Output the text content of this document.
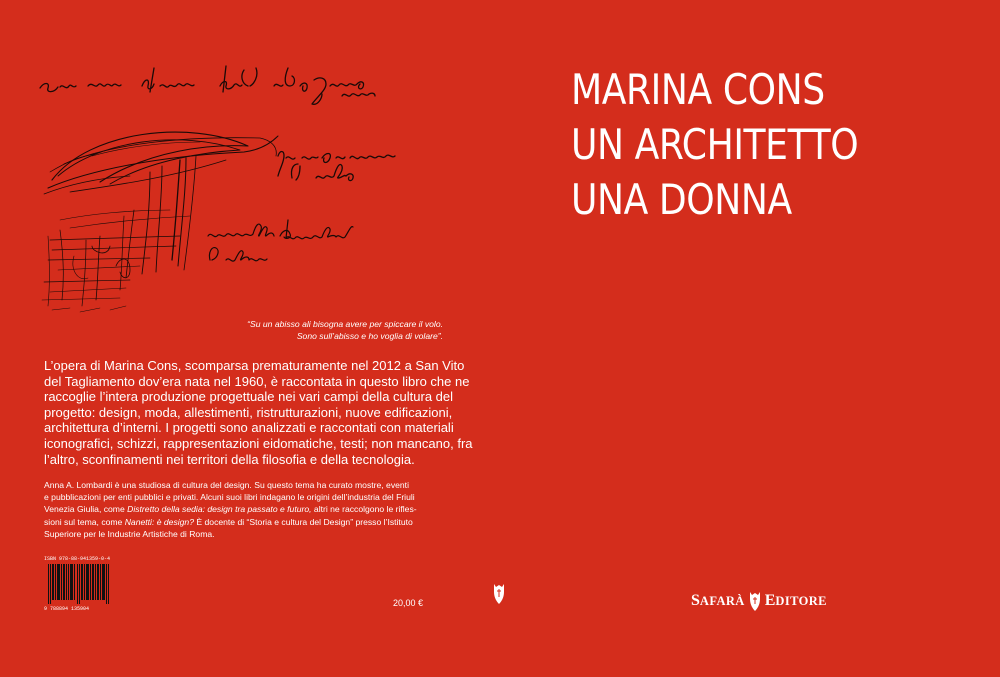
“Su un abisso ali bisogna avere per spiccare il volo.
Sono sull’abisso e ho voglia di volare”.
L’opera di Marina Cons, scomparsa prematuramente nel 2012 a San Vito
del Tagliamento dov’era nata nel 1960, è raccontata in questo libro che ne
raccoglie l’intera produzione progettuale nei vari campi della cultura del
progetto: design, moda, allestimenti, ristrutturazioni, nuove edificazioni,
architettura d’interni. I progetti sono analizzati e raccontati con materiali
iconografici, schizzi, rappresentazioni eidomatiche, testi; non mancano, fra
l’altro, sconfinamenti nei territori della filosofia e della tecnologia.
Anna A. Lombardi è una studiosa di cultura del design. Su questo tema ha curato mostre, eventi
e pubblicazioni per enti pubblici e privati. Alcuni suoi libri indagano le origini dell’industria del Friuli
Venezia Giulia, come Distretto della sedia: design tra passato e futuro, altri ne raccolgono le rifles-
sioni sul tema, come Nanetti: è design? È docente di “Storia e cultura del Design” presso l’Istituto
Superiore per le Industrie Artistiche di Roma.
ISBN 978-88-941359-0-4
9 788894 135904
20,00 €
MARINA CONS
UN ARCHITETTO
UNA DONNA
S AFARÀ E DITORE
